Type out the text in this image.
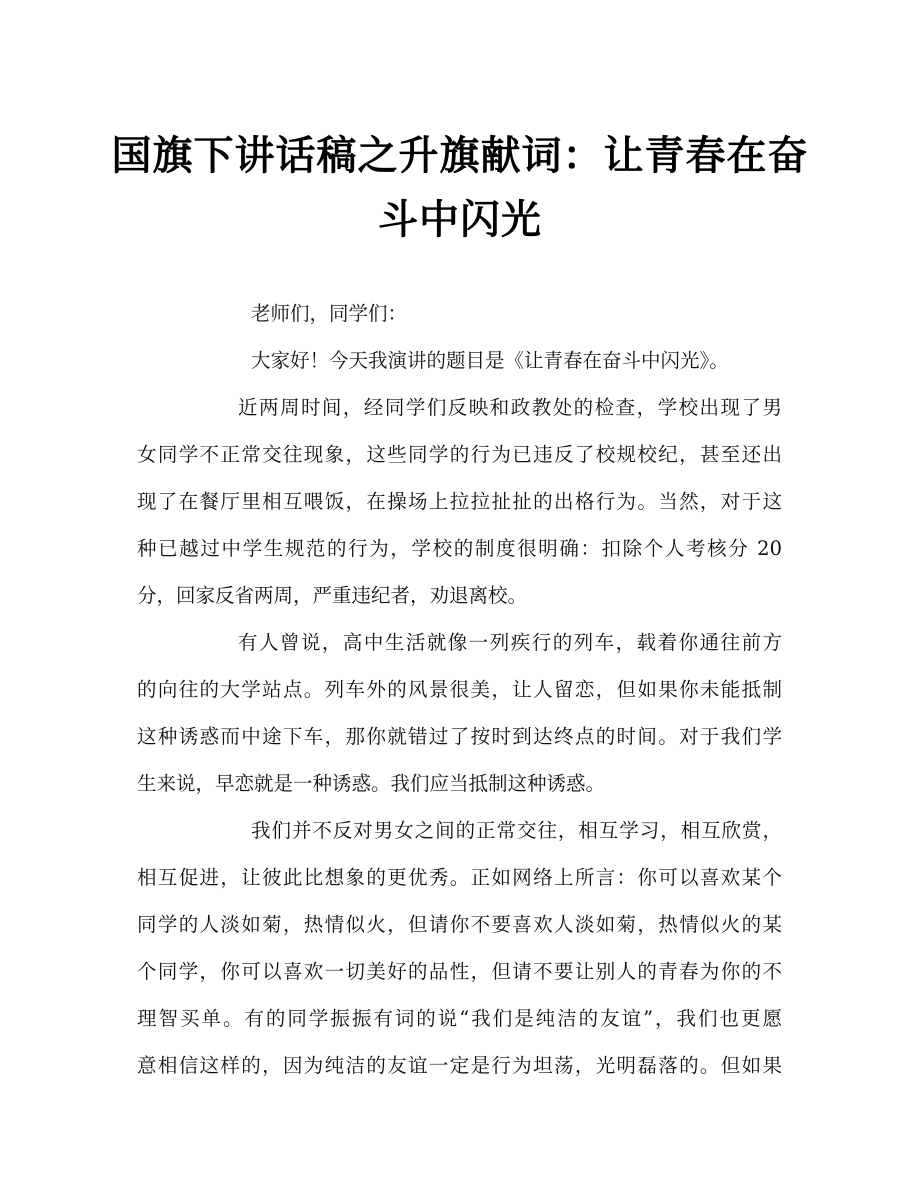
国旗下讲话稿之升旗献词：让青春在奋
斗中闪光
老师们，同学们：
大家好！今天我演讲的题目是《让青春在奋斗中闪光》。
近两周时间，经同学们反映和政教处的检查，学校出现了男
女同学不正常交往现象，这些同学的行为已违反了校规校纪，甚至还出
现了在餐厅里相互喂饭，在操场上拉拉扯扯的出格行为。当然，对于这
种已越过中学生规范的行为，学校的制度很明确：扣除个人考核分 20
分，回家反省两周，严重违纪者，劝退离校。
有人曾说，高中生活就像一列疾行的列车，载着你通往前方
的向往的大学站点。列车外的风景很美，让人留恋，但如果你未能抵制
这种诱惑而中途下车，那你就错过了按时到达终点的时间。对于我们学
生来说，早恋就是一种诱惑。我们应当抵制这种诱惑。
我们并不反对男女之间的正常交往，相互学习，相互欣赏，
相互促进，让彼此比想象的更优秀。正如网络上所言：你可以喜欢某个
同学的人淡如菊，热情似火，但请你不要喜欢人淡如菊，热情似火的某
个同学，你可以喜欢一切美好的品性，但请不要让别人的青春为你的不
理智买单。有的同学振振有词的说“我们是纯洁的友谊”，我们也更愿
意相信这样的，因为纯洁的友谊一定是行为坦荡，光明磊落的。但如果
